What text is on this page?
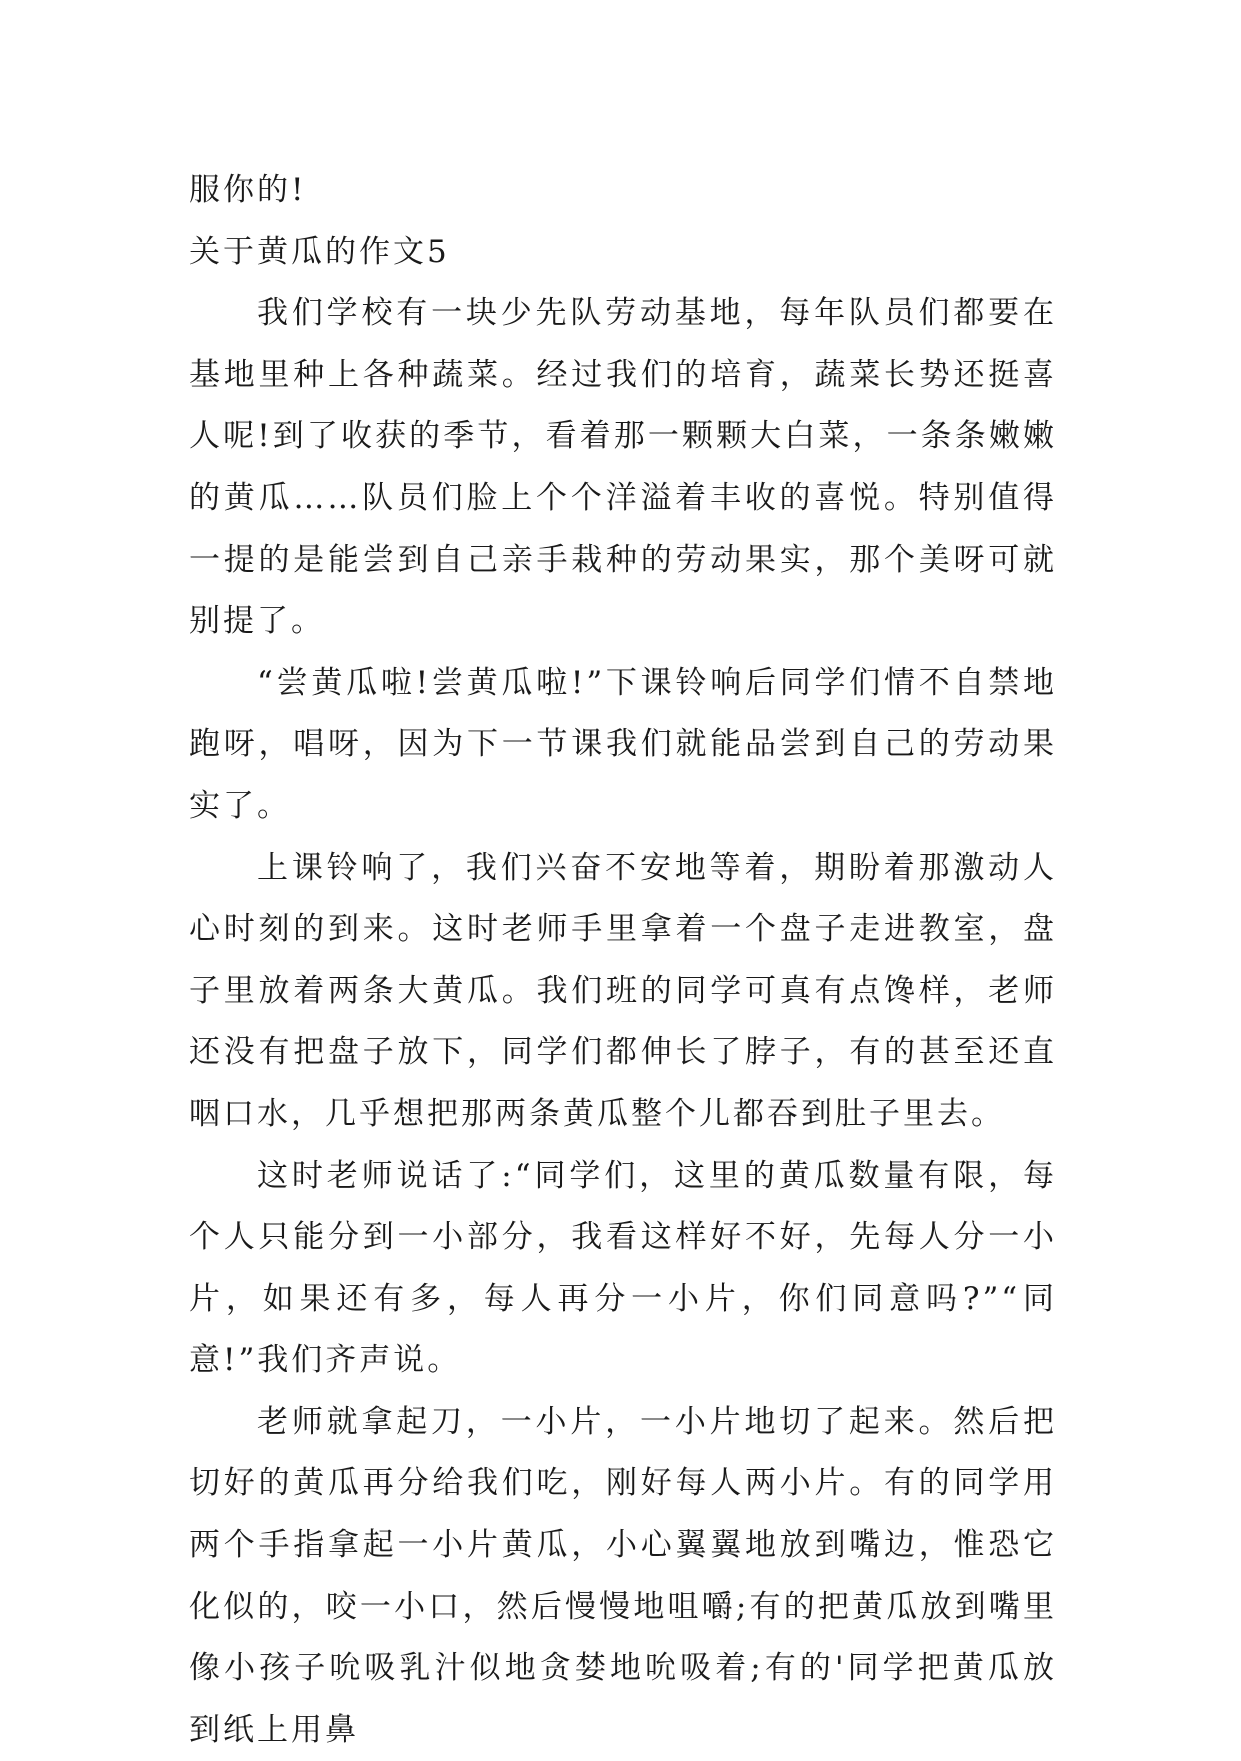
服你的!
关于黄瓜的作文5

我们学校有一块少先队劳动基地，每年队员们都要在基地里种上各种蔬菜。经过我们的培育，蔬菜长势还挺喜人呢!到了收获的季节，看着那一颗颗大白菜，一条条嫩嫩的黄瓜……队员们脸上个个洋溢着丰收的喜悦。特别值得一提的是能尝到自己亲手栽种的劳动果实，那个美呀可就别提了。

“尝黄瓜啦!尝黄瓜啦!”下课铃响后同学们情不自禁地跑呀，唱呀，因为下一节课我们就能品尝到自己的劳动果实了。

上课铃响了，我们兴奋不安地等着，期盼着那激动人心时刻的到来。这时老师手里拿着一个盘子走进教室，盘子里放着两条大黄瓜。我们班的同学可真有点馋样，老师还没有把盘子放下，同学们都伸长了脖子，有的甚至还直咽口水，几乎想把那两条黄瓜整个儿都吞到肚子里去。

这时老师说话了:“同学们，这里的黄瓜数量有限，每个人只能分到一小部分，我看这样好不好，先每人分一小片，如果还有多，每人再分一小片，你们同意吗?”“同意!”我们齐声说。

老师就拿起刀，一小片，一小片地切了起来。然后把切好的黄瓜再分给我们吃，刚好每人两小片。有的同学用两个手指拿起一小片黄瓜，小心翼翼地放到嘴边，惟恐它化似的，咬一小口，然后慢慢地咀嚼;有的把黄瓜放到嘴里像小孩子吮吸乳汁似地贪婪地吮吸着;有的'同学把黄瓜放到纸上用鼻
